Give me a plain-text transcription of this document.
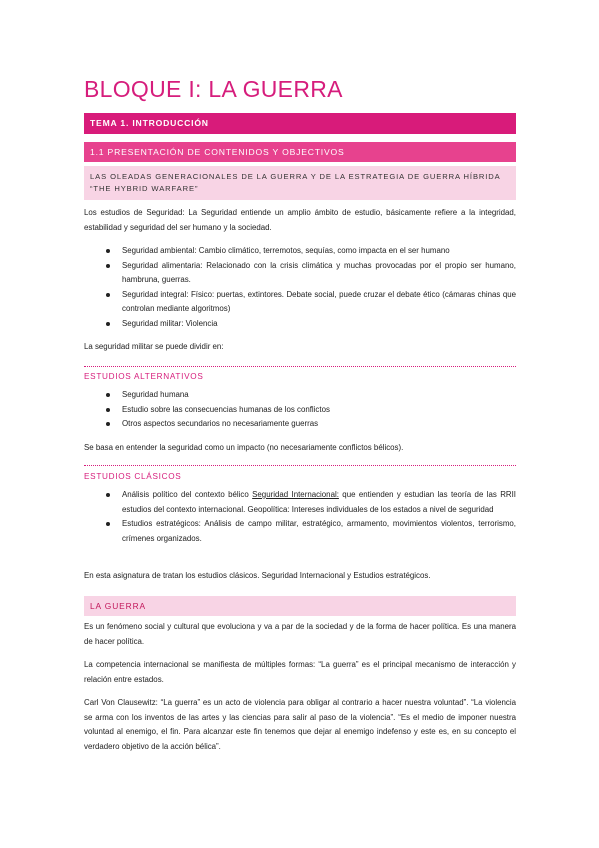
BLOQUE I: LA GUERRA
TEMA 1. INTRODUCCIÓN
1.1 PRESENTACIÓN DE CONTENIDOS Y OBJECTIVOS
LAS OLEADAS GENERACIONALES DE LA GUERRA Y DE LA ESTRATEGIA DE GUERRA HÍBRIDA “THE HYBRID WARFARE”
Los estudios de Seguridad: La Seguridad entiende un amplio ámbito de estudio, básicamente refiere a la integridad, estabilidad y seguridad del ser humano y la sociedad.
Seguridad ambiental: Cambio climático, terremotos, sequías, como impacta en el ser humano
Seguridad alimentaria: Relacionado con la crisis climática y muchas provocadas por el propio ser humano, hambruna, guerras.
Seguridad integral: Físico: puertas, extintores. Debate social, puede cruzar el debate ético (cámaras chinas que controlan mediante algoritmos)
Seguridad militar: Violencia
La seguridad militar se puede dividir en:
ESTUDIOS ALTERNATIVOS
Seguridad humana
Estudio sobre las consecuencias humanas de los conflictos
Otros aspectos secundarios no necesariamente guerras
Se basa en entender la seguridad como un impacto (no necesariamente conflictos bélicos).
ESTUDIOS CLÁSICOS
Análisis político del contexto bélico Seguridad Internacional: que entienden y estudian las teoría de las RRII estudios del contexto internacional. Geopolítica: Intereses individuales de los estados a nivel de seguridad
Estudios estratégicos: Análisis de campo militar, estratégico, armamento, movimientos violentos, terrorismo, crímenes organizados.
En esta asignatura de tratan los estudios clásicos. Seguridad Internacional y Estudios estratégicos.
LA GUERRA
Es un fenómeno social y cultural que evoluciona y va a par de la sociedad y de la forma de hacer política. Es una manera de hacer política.
La competencia internacional se manifiesta de múltiples formas: “La guerra” es el principal mecanismo de interacción y relación entre estados.
Carl Von Clausewitz: “La guerra” es un acto de violencia para obligar al contrario a hacer nuestra voluntad”. “La violencia se arma con los inventos de las artes y las ciencias para salir al paso de la violencia”. “Es el medio de imponer nuestra voluntad al enemigo, el fin. Para alcanzar este fin tenemos que dejar al enemigo indefenso y este es, en su concepto el verdadero objetivo de la acción bélica”.
